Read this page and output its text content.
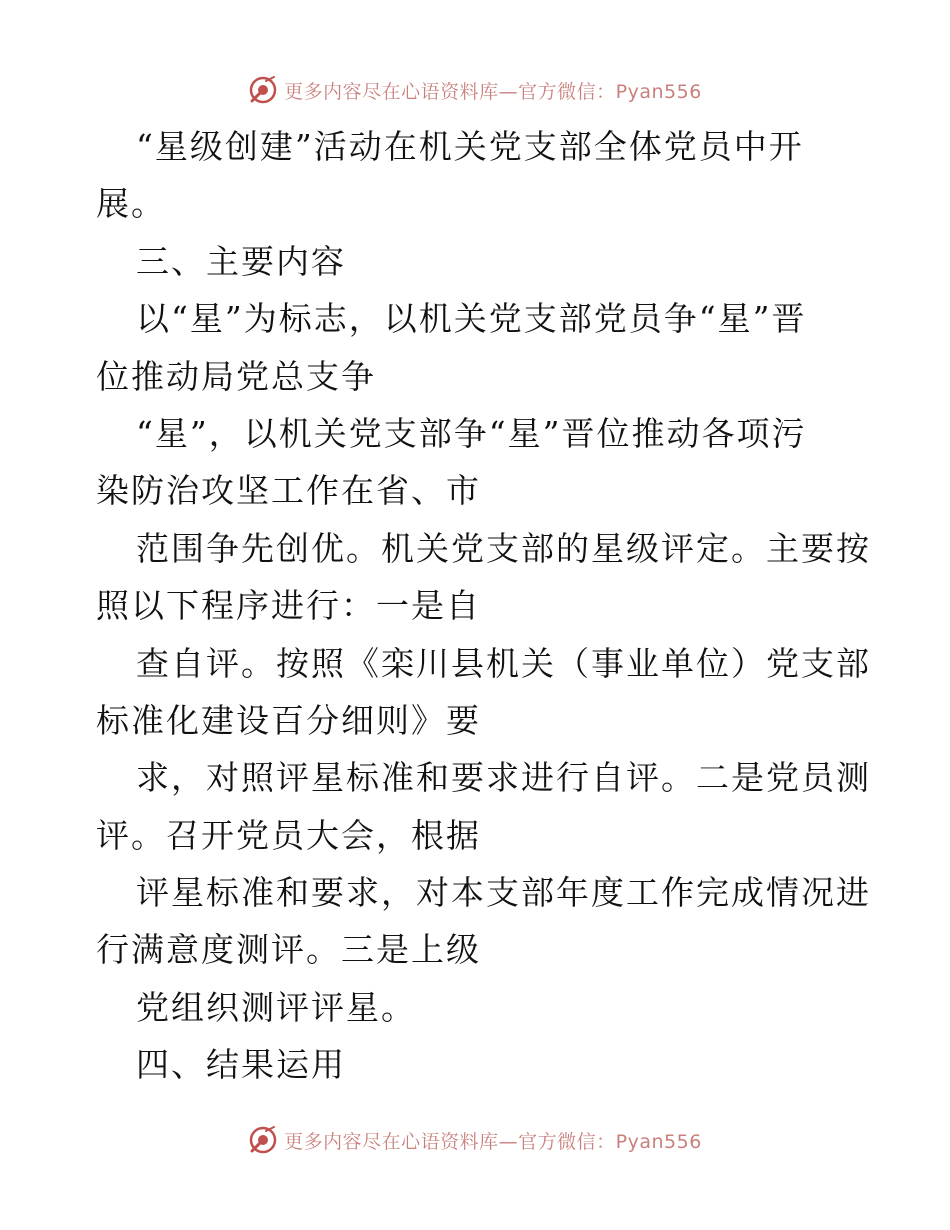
更多内容尽在心语资料库—官方微信：Pyan556
“星级创建”活动在机关党支部全体党员中开
展。
三、主要内容
以“星”为标志，以机关党支部党员争“星”晋
位推动局党总支争
“星”，以机关党支部争“星”晋位推动各项污
染防治攻坚工作在省、市
范围争先创优。机关党支部的星级评定。主要按
照以下程序进行：一是自
查自评。按照《栾川县机关（事业单位）党支部
标准化建设百分细则》要
求，对照评星标准和要求进行自评。二是党员测
评。召开党员大会，根据
评星标准和要求，对本支部年度工作完成情况进
行满意度测评。三是上级
党组织测评评星。
四、结果运用
更多内容尽在心语资料库—官方微信：Pyan556
